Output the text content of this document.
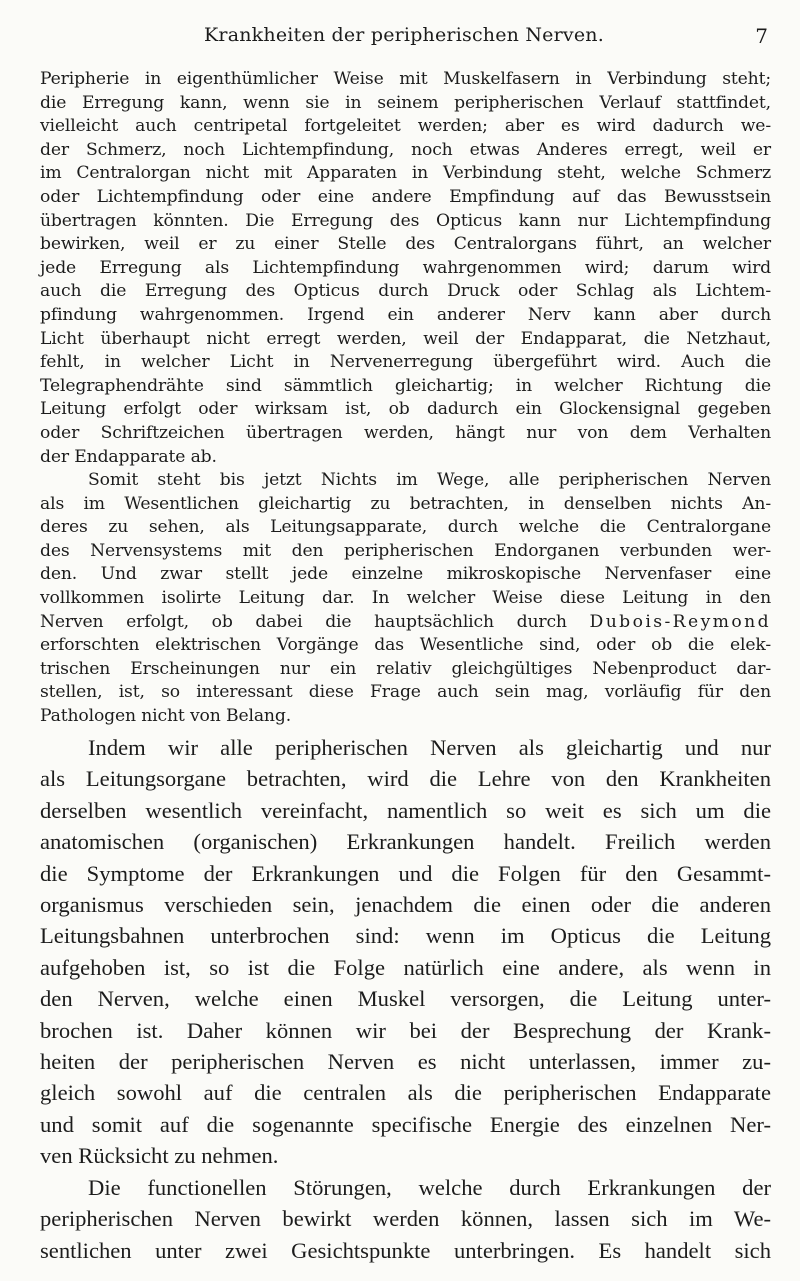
Krankheiten der peripherischen Nerven.	7
Peripherie in eigenthümlicher Weise mit Muskelfasern in Verbindung steht;
die Erregung kann, wenn sie in seinem peripherischen Verlauf stattfindet,
vielleicht auch centripetal fortgeleitet werden; aber es wird dadurch we-
der Schmerz, noch Lichtempfindung, noch etwas Anderes erregt, weil er
im Centralorgan nicht mit Apparaten in Verbindung steht, welche Schmerz
oder Lichtempfindung oder eine andere Empfindung auf das Bewusstsein
übertragen könnten. Die Erregung des Opticus kann nur Lichtempfindung
bewirken, weil er zu einer Stelle des Centralorgans führt, an welcher
jede Erregung als Lichtempfindung wahrgenommen wird; darum wird
auch die Erregung des Opticus durch Druck oder Schlag als Lichtem-
pfindung wahrgenommen. Irgend ein anderer Nerv kann aber durch
Licht überhaupt nicht erregt werden, weil der Endapparat, die Netzhaut,
fehlt, in welcher Licht in Nervenerregung übergeführt wird. Auch die
Telegraphendrähte sind sämmtlich gleichartig; in welcher Richtung die
Leitung erfolgt oder wirksam ist, ob dadurch ein Glockensignal gegeben
oder Schriftzeichen übertragen werden, hängt nur von dem Verhalten
der Endapparate ab.
Somit steht bis jetzt Nichts im Wege, alle peripherischen Nerven
als im Wesentlichen gleichartig zu betrachten, in denselben nichts An-
deres zu sehen, als Leitungsapparate, durch welche die Centralorgane
des Nervensystems mit den peripherischen Endorganen verbunden wer-
den. Und zwar stellt jede einzelne mikroskopische Nervenfaser eine
vollkommen isolirte Leitung dar. In welcher Weise diese Leitung in den
Nerven erfolgt, ob dabei die hauptsächlich durch Dubois-Reymond
erforschten elektrischen Vorgänge das Wesentliche sind, oder ob die elek-
trischen Erscheinungen nur ein relativ gleichgültiges Nebenproduct dar-
stellen, ist, so interessant diese Frage auch sein mag, vorläufig für den
Pathologen nicht von Belang.
Indem wir alle peripherischen Nerven als gleichartig und nur
als Leitungsorgane betrachten, wird die Lehre von den Krankheiten
derselben wesentlich vereinfacht, namentlich so weit es sich um die
anatomischen (organischen) Erkrankungen handelt. Freilich werden
die Symptome der Erkrankungen und die Folgen für den Gesammt-
organismus verschieden sein, jenachdem die einen oder die anderen
Leitungsbahnen unterbrochen sind: wenn im Opticus die Leitung
aufgehoben ist, so ist die Folge natürlich eine andere, als wenn in
den Nerven, welche einen Muskel versorgen, die Leitung unter-
brochen ist. Daher können wir bei der Besprechung der Krank-
heiten der peripherischen Nerven es nicht unterlassen, immer zu-
gleich sowohl auf die centralen als die peripherischen Endapparate
und somit auf die sogenannte specifische Energie des einzelnen Ner-
ven Rücksicht zu nehmen.
Die functionellen Störungen, welche durch Erkrankungen der
peripherischen Nerven bewirkt werden können, lassen sich im We-
sentlichen unter zwei Gesichtspunkte unterbringen. Es handelt sich
